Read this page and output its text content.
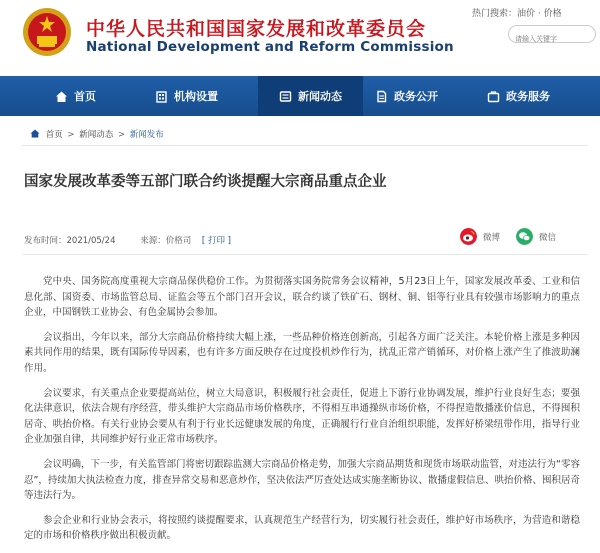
中华人民共和国国家发展和改革委员会
National Development and Reform Commission
热门搜索：油价 · 价格
请输入关键字
首页	机构设置	新闻动态	政务公开	政务服务
首页 > 新闻动态 > 新闻发布
国家发展改革委等五部门联合约谈提醒大宗商品重点企业
发布时间：2021/05/24	来源：价格司 [ 打印 ]	微博	微信

党中央、国务院高度重视大宗商品保供稳价工作。为贯彻落实国务院常务会议精神，5月23日上午，国家发展改革委、工业和信息化部、国资委、市场监管总局、证监会等五个部门召开会议，联合约谈了铁矿石、钢材、铜、铝等行业具有较强市场影响力的重点企业，中国钢铁工业协会、有色金属协会参加。

会议指出，今年以来，部分大宗商品价格持续大幅上涨，一些品种价格连创新高，引起各方面广泛关注。本轮价格上涨是多种因素共同作用的结果，既有国际传导因素，也有许多方面反映存在过度投机炒作行为，扰乱正常产销循环，对价格上涨产生了推波助澜作用。

会议要求，有关重点企业要提高站位，树立大局意识，积极履行社会责任，促进上下游行业协调发展，维护行业良好生态；要强化法律意识，依法合规有序经营，带头维护大宗商品市场价格秩序，不得相互串通操纵市场价格，不得捏造散播涨价信息，不得囤积居奇、哄抬价格。有关行业协会要从有利于行业长远健康发展的角度，正确履行行业自治组织职能，发挥好桥梁纽带作用，指导行业企业加强自律，共同维护好行业正常市场秩序。

会议明确，下一步，有关监管部门将密切跟踪监测大宗商品价格走势，加强大宗商品期货和现货市场联动监管，对违法行为“零容忍”，持续加大执法检查力度，排查异常交易和恶意炒作，坚决依法严厉查处达成实施垄断协议、散播虚假信息、哄抬价格、囤积居奇等违法行为。

参会企业和行业协会表示，将按照约谈提醒要求，认真规范生产经营行为，切实履行社会责任，维护好市场秩序，为营造和谐稳定的市场和价格秩序做出积极贡献。
